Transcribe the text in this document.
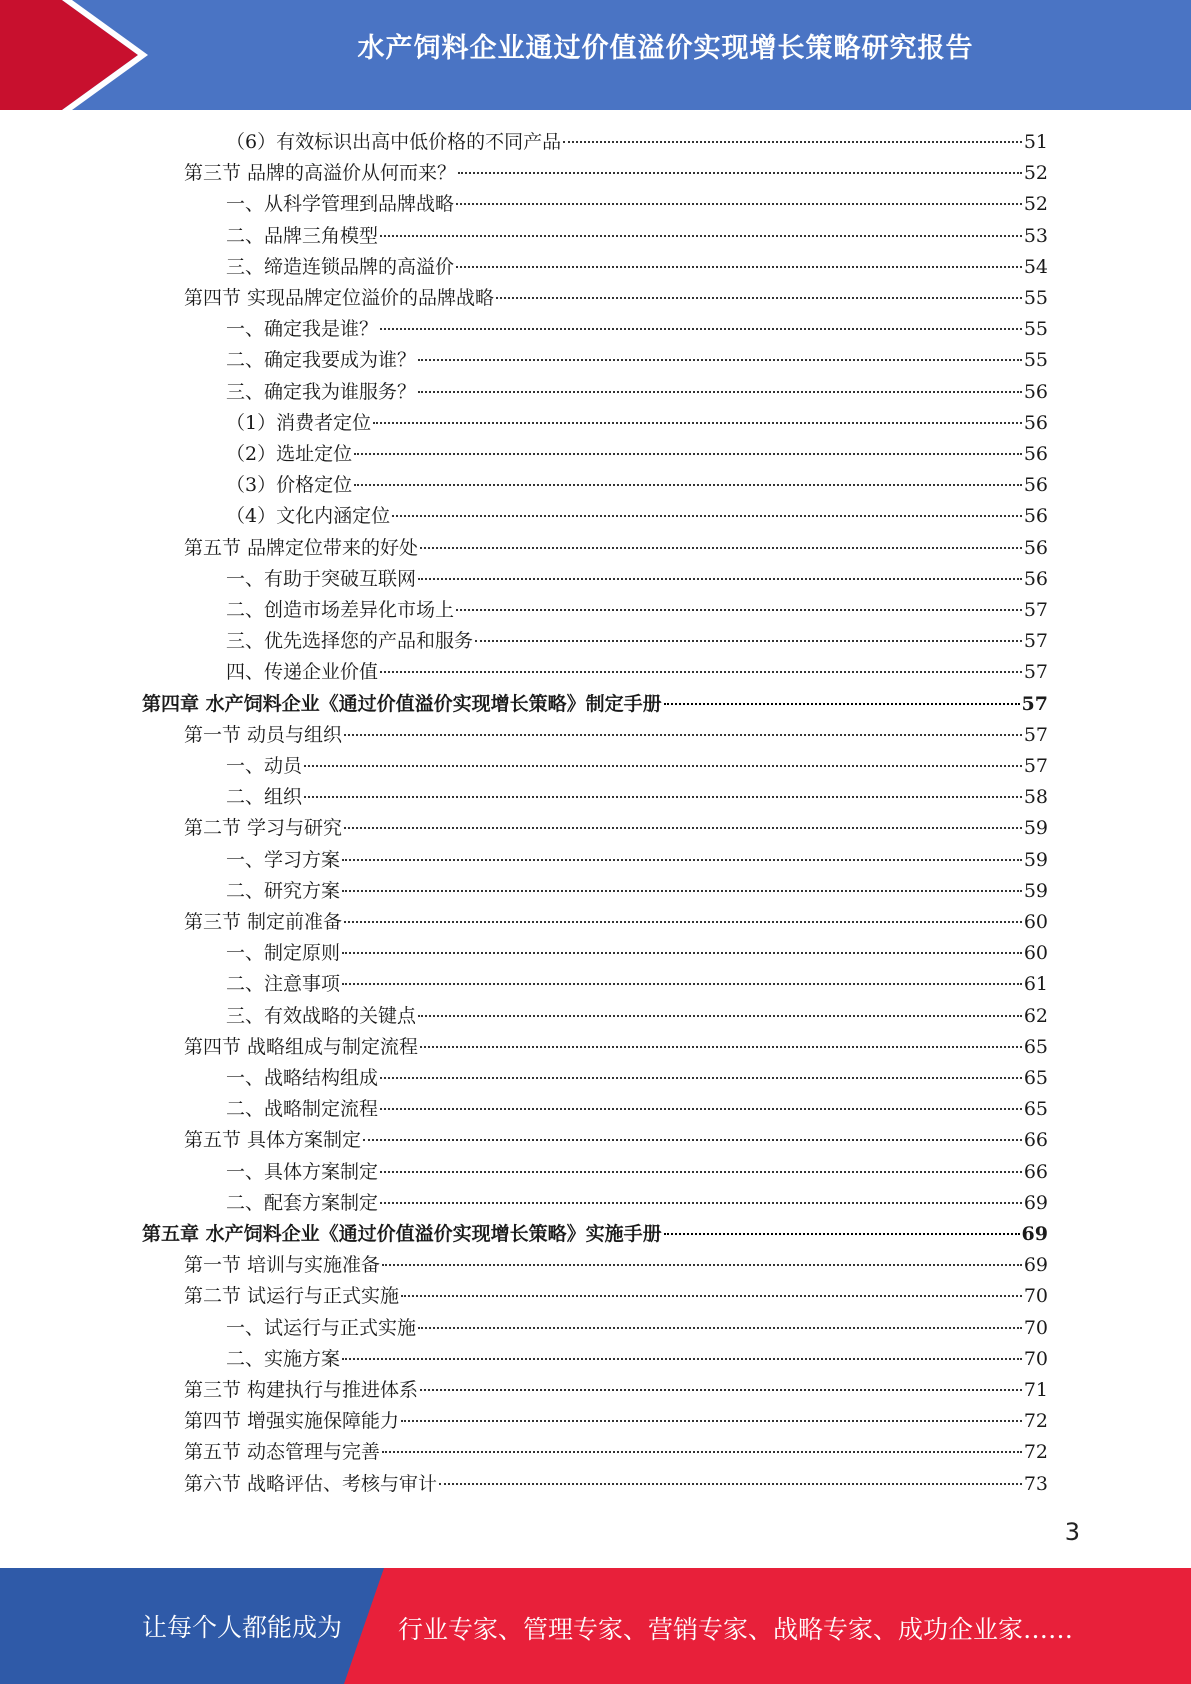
水产饲料企业通过价值溢价实现增长策略研究报告
（6）有效标识出高中低价格的不同产品	51
第三节 品牌的高溢价从何而来？	52
一、从科学管理到品牌战略	52
二、品牌三角模型	53
三、缔造连锁品牌的高溢价	54
第四节 实现品牌定位溢价的品牌战略	55
一、确定我是谁？	55
二、确定我要成为谁？	55
三、确定我为谁服务？	56
（1）消费者定位	56
（2）选址定位	56
（3）价格定位	56
（4）文化内涵定位	56
第五节 品牌定位带来的好处	56
一、有助于突破互联网	56
二、创造市场差异化市场上	57
三、优先选择您的产品和服务	57
四、传递企业价值	57
第四章 水产饲料企业《通过价值溢价实现增长策略》制定手册	57
第一节 动员与组织	57
一、动员	57
二、组织	58
第二节 学习与研究	59
一、学习方案	59
二、研究方案	59
第三节 制定前准备	60
一、制定原则	60
二、注意事项	61
三、有效战略的关键点	62
第四节 战略组成与制定流程	65
一、战略结构组成	65
二、战略制定流程	65
第五节 具体方案制定	66
一、具体方案制定	66
二、配套方案制定	69
第五章 水产饲料企业《通过价值溢价实现增长策略》实施手册	69
第一节 培训与实施准备	69
第二节 试运行与正式实施	70
一、试运行与正式实施	70
二、实施方案	70
第三节 构建执行与推进体系	71
第四节 增强实施保障能力	72
第五节 动态管理与完善	72
第六节 战略评估、考核与审计	73
3
让每个人都能成为 行业专家、管理专家、营销专家、战略专家、成功企业家……
